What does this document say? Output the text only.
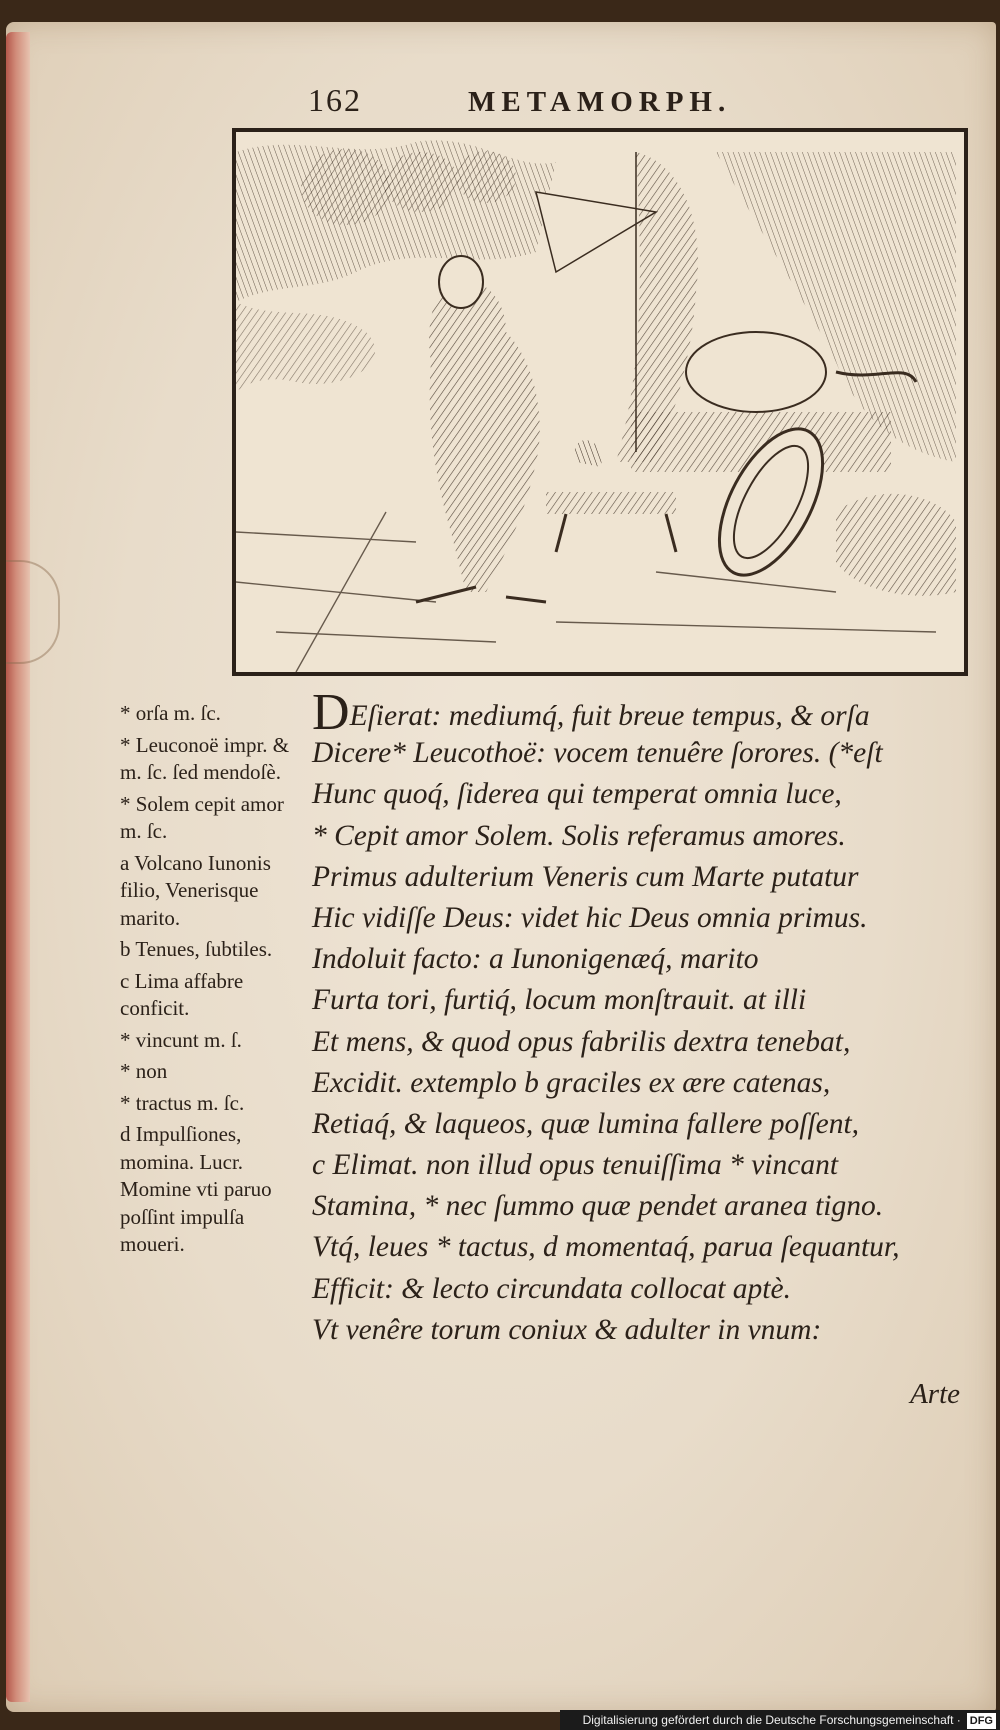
162	METAMORPH.
* orſa m. ſc.
* Leuconoë impr. & m. ſc. ſed mendoſè.
* Solem cepit amor m. ſc.
a Volcano Iunonis filio, Venerisque marito.
b Tenues, ſubtiles.
c Lima affabre conficit.
* vincunt m. ſ.
* non
* tractus m. ſc.
d Impulſiones, momina. Lucr. Momine vti paruo poſſint impulſa moueri.
DEſierat: mediumq́, fuit breue tempus, & orſa
Dicere* Leucothoë: vocem tenuêre ſorores. (*eſt
Hunc quoq́, ſiderea qui temperat omnia luce,
* Cepit amor Solem. Solis referamus amores.
Primus adulterium Veneris cum Marte putatur
Hic vidiſſe Deus: videt hic Deus omnia primus.
Indoluit facto: a Iunonigenæq́, marito
Furta tori, furtiq́, locum monſtrauit. at illi
Et mens, & quod opus fabrilis dextra tenebat,
Excidit. extemplo b graciles ex ære catenas,
Retiaq́, & laqueos, quæ lumina fallere poſſent,
c Elimat. non illud opus tenuiſſima * vincant
Stamina, * nec ſummo quæ pendet aranea tigno.
Vtq́, leues * tactus, d momentaq́, parua ſequantur,
Efficit: & lecto circundata collocat aptè.
Vt venêre torum coniux & adulter in vnum:
Arte
Digitalisierung gefördert durch die Deutsche Forschungsgemeinschaft · DFG
